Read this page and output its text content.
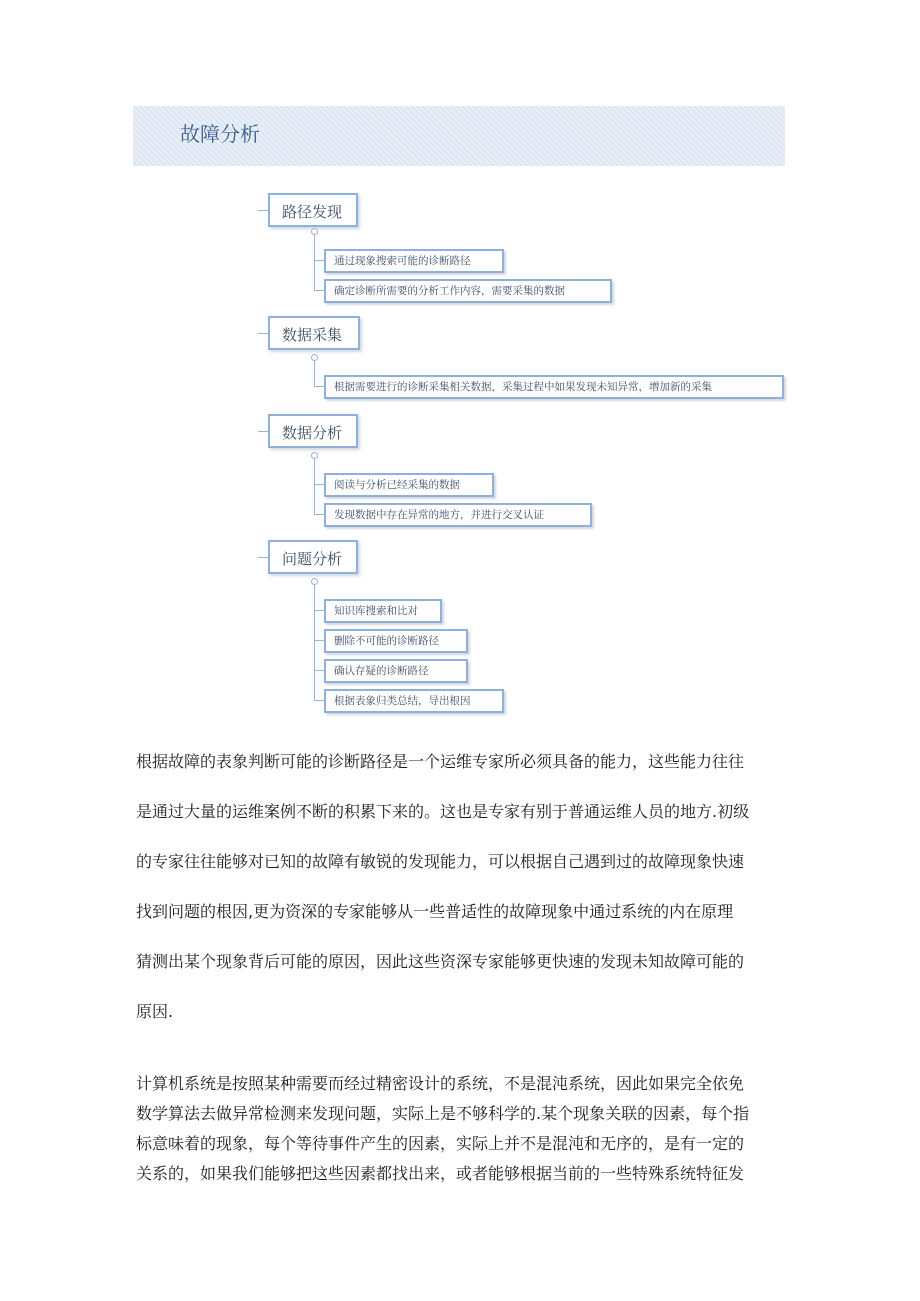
故障分析
路径发现
通过现象搜索可能的诊断路径
确定诊断所需要的分析工作内容，需要采集的数据
数据采集
根据需要进行的诊断采集相关数据，采集过程中如果发现未知异常，增加新的采集
数据分析
阅读与分析已经采集的数据
发现数据中存在异常的地方，并进行交叉认证
问题分析
知识库搜索和比对
删除不可能的诊断路径
确认存疑的诊断路径
根据表象归类总结，导出根因
根据故障的表象判断可能的诊断路径是一个运维专家所必须具备的能力，这些能力往往
是通过大量的运维案例不断的积累下来的。这也是专家有别于普通运维人员的地方.初级
的专家往往能够对已知的故障有敏锐的发现能力，可以根据自己遇到过的故障现象快速
找到问题的根因,更为资深的专家能够从一些普适性的故障现象中通过系统的内在原理
猜测出某个现象背后可能的原因，因此这些资深专家能够更快速的发现未知故障可能的
原因.
计算机系统是按照某种需要而经过精密设计的系统，不是混沌系统，因此如果完全依免
数学算法去做异常检测来发现问题，实际上是不够科学的.某个现象关联的因素，每个指
标意味着的现象，每个等待事件产生的因素，实际上并不是混沌和无序的，是有一定的
关系的，如果我们能够把这些因素都找出来，或者能够根据当前的一些特殊系统特征发
